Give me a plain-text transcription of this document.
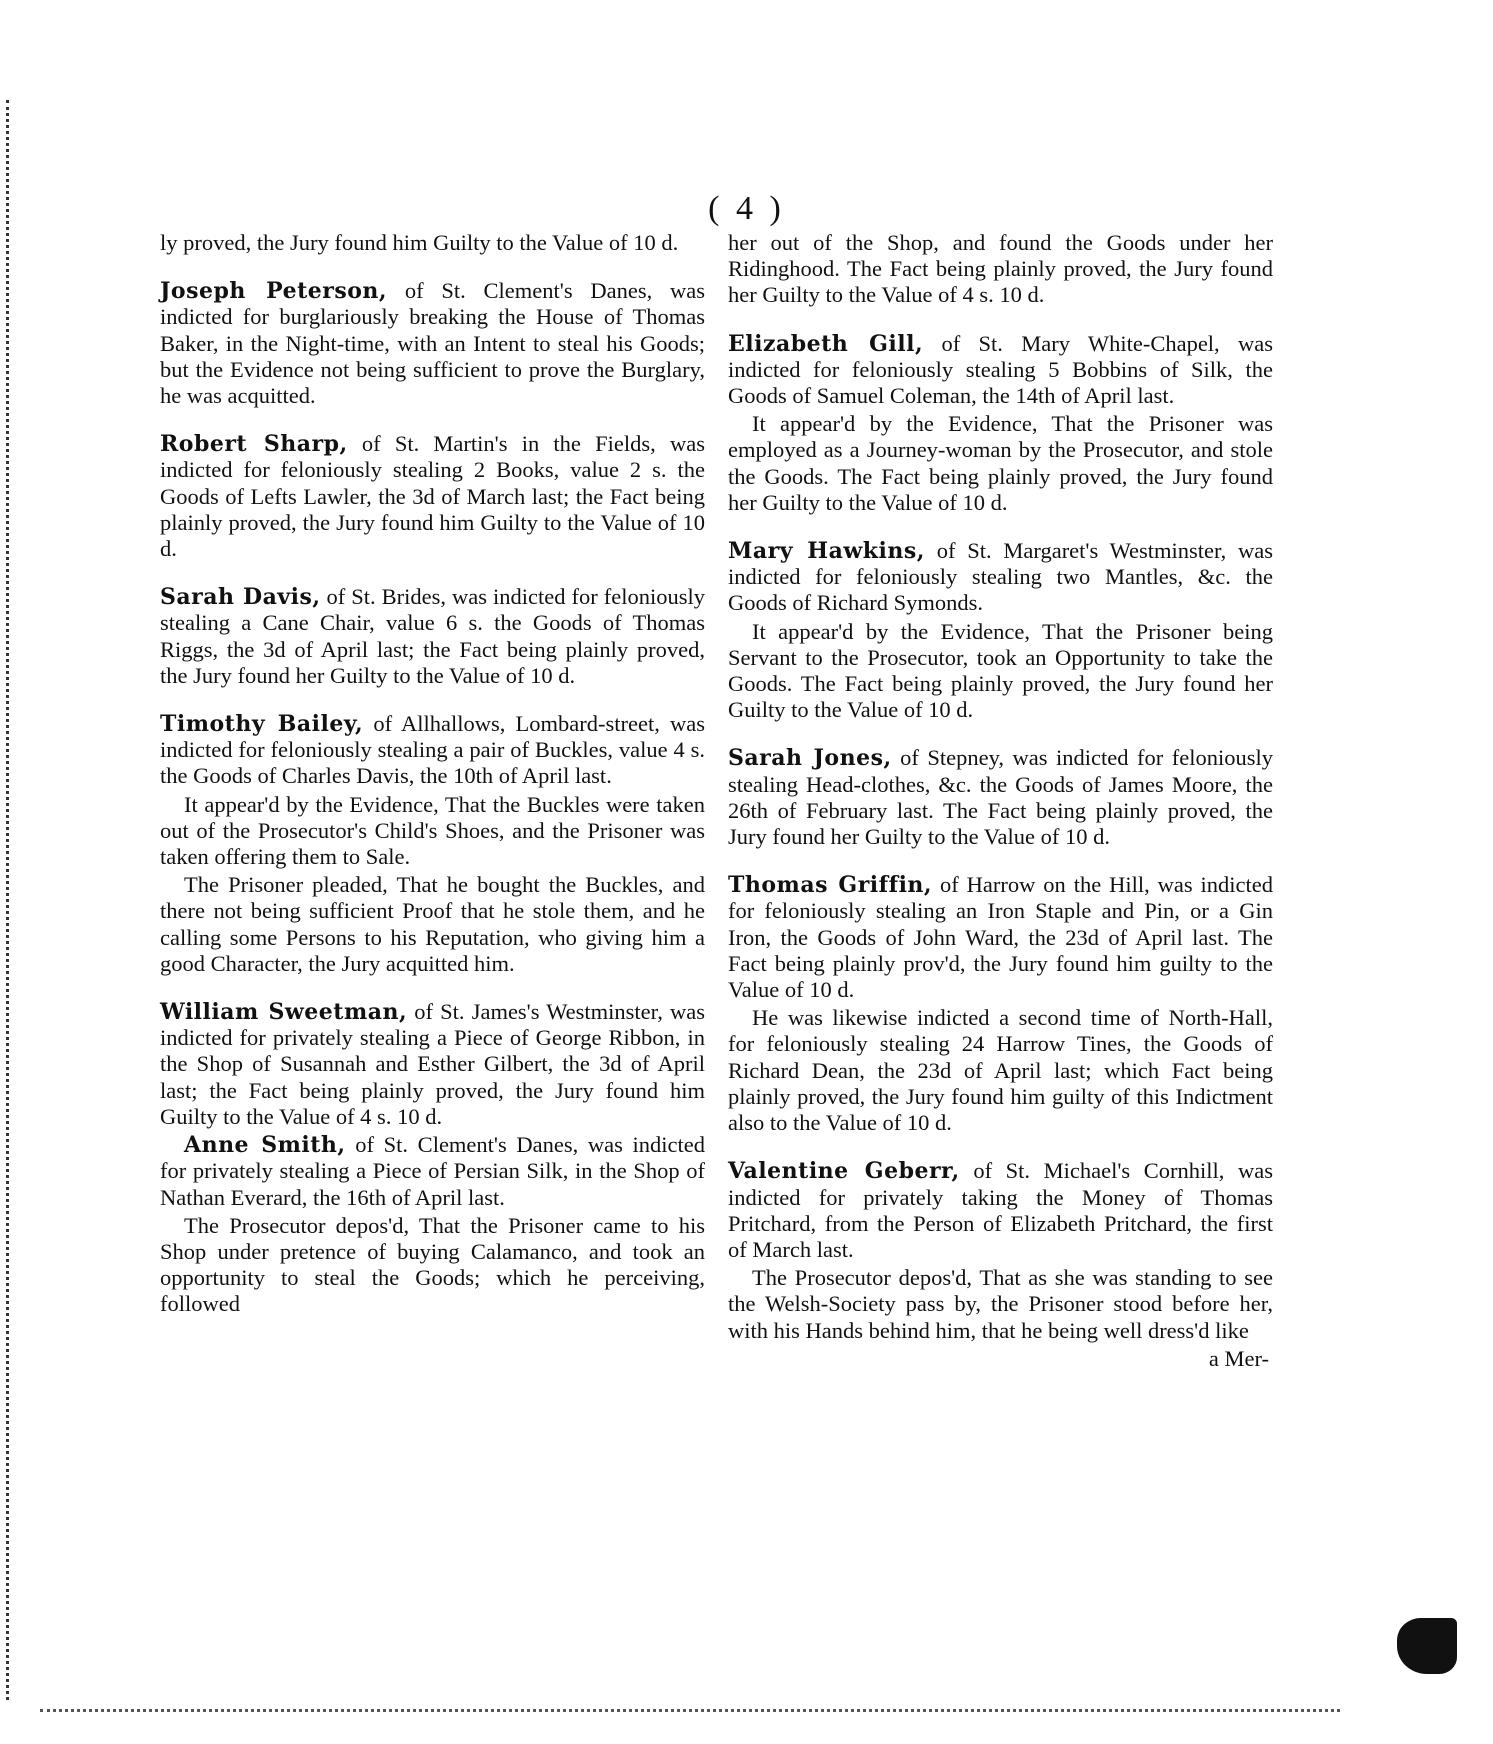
( 4 )

ly proved, the Jury found him Guilty to the Value of 10 d.

Joseph Peterson, of St. Clement's Danes, was indicted for burglariously breaking the House of Thomas Baker, in the Night-time, with an Intent to steal his Goods; but the Evidence not being sufficient to prove the Burglary, he was acquitted.

Robert Sharp, of St. Martin's in the Fields, was indicted for feloniously stealing 2 Books, value 2 s. the Goods of Lefts Lawler, the 3d of March last; the Fact being plainly proved, the Jury found him Guilty to the Value of 10 d.

Sarah Davis, of St. Brides, was indicted for feloniously stealing a Cane Chair, value 6 s. the Goods of Thomas Riggs, the 3d of April last; the Fact being plainly proved, the Jury found her Guilty to the Value of 10 d.

Timothy Bailey, of Allhallows, Lombard-street, was indicted for feloniously stealing a pair of Buckles, value 4 s. the Goods of Charles Davis, the 10th of April last.

It appear'd by the Evidence, That the Buckles were taken out of the Prosecutor's Child's Shoes, and the Prisoner was taken offering them to Sale.

The Prisoner pleaded, That he bought the Buckles, and there not being sufficient Proof that he stole them, and he calling some Persons to his Reputation, who giving him a good Character, the Jury acquitted him.

William Sweetman, of St. James's Westminster, was indicted for privately stealing a Piece of George Ribbon, in the Shop of Susannah and Esther Gilbert, the 3d of April last; the Fact being plainly proved, the Jury found him Guilty to the Value of 4 s. 10 d.

Anne Smith, of St. Clement's Danes, was indicted for privately stealing a Piece of Persian Silk, in the Shop of Nathan Everard, the 16th of April last.

The Prosecutor depos'd, That the Prisoner came to his Shop under pretence of buying Calamanco, and took an opportunity to steal the Goods; which he perceiving, followed

her out of the Shop, and found the Goods under her Ridinghood. The Fact being plainly proved, the Jury found her Guilty to the Value of 4 s. 10 d.

Elizabeth Gill, of St. Mary White-Chapel, was indicted for feloniously stealing 5 Bobbins of Silk, the Goods of Samuel Coleman, the 14th of April last.

It appear'd by the Evidence, That the Prisoner was employed as a Journey-woman by the Prosecutor, and stole the Goods. The Fact being plainly proved, the Jury found her Guilty to the Value of 10 d.

Mary Hawkins, of St. Margaret's Westminster, was indicted for feloniously stealing two Mantles, &c. the Goods of Richard Symonds.

It appear'd by the Evidence, That the Prisoner being Servant to the Prosecutor, took an Opportunity to take the Goods. The Fact being plainly proved, the Jury found her Guilty to the Value of 10 d.

Sarah Jones, of Stepney, was indicted for feloniously stealing Head-clothes, &c. the Goods of James Moore, the 26th of February last. The Fact being plainly proved, the Jury found her Guilty to the Value of 10 d.

Thomas Griffin, of Harrow on the Hill, was indicted for feloniously stealing an Iron Staple and Pin, or a Gin Iron, the Goods of John Ward, the 23d of April last. The Fact being plainly prov'd, the Jury found him guilty to the Value of 10 d.

He was likewise indicted a second time of North-Hall, for feloniously stealing 24 Harrow Tines, the Goods of Richard Dean, the 23d of April last; which Fact being plainly proved, the Jury found him guilty of this Indictment also to the Value of 10 d.

Valentine Geberr, of St. Michael's Cornhill, was indicted for privately taking the Money of Thomas Pritchard, from the Person of Elizabeth Pritchard, the first of March last.

The Prosecutor depos'd, That as she was standing to see the Welsh-Society pass by, the Prisoner stood before her, with his Hands behind him, that he being well dress'd like

a Mer-
